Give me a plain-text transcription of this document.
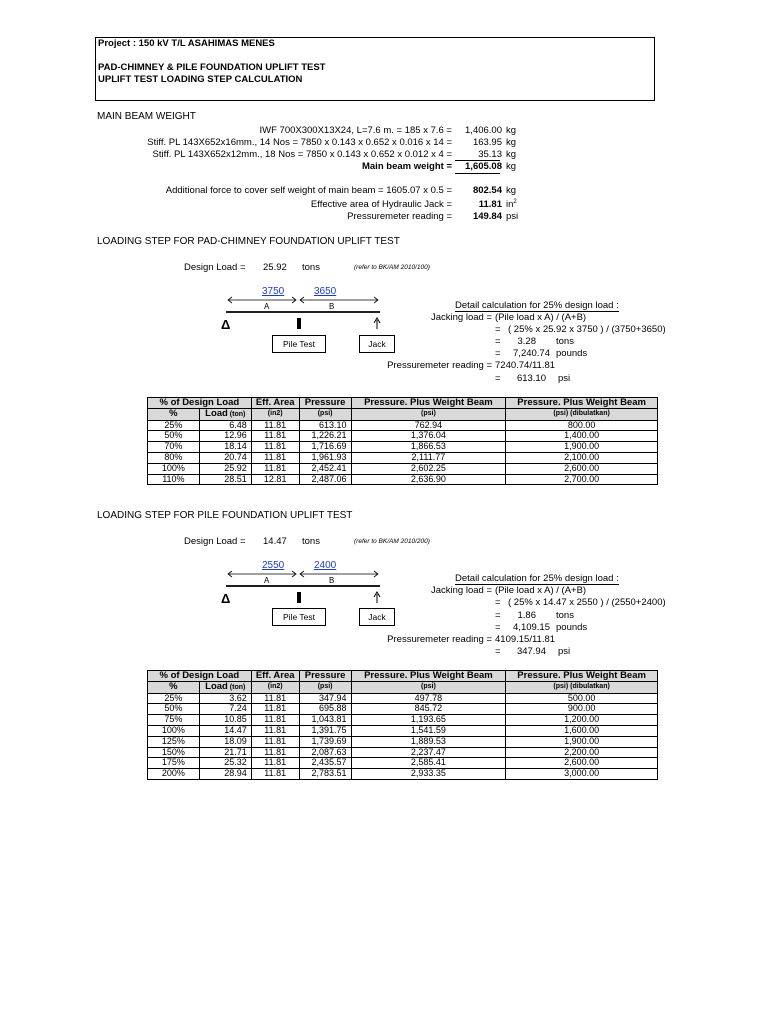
Project : 150 kV T/L ASAHIMAS MENES
PAD-CHIMNEY & PILE FOUNDATION UPLIFT TEST
UPLIFT TEST LOADING STEP CALCULATION
MAIN BEAM WEIGHT
IWF 700X300X13X24, L=7.6 m. = 185 x 7.6 = 1,406.00 kg
Stiff. PL 143X652x16mm., 14 Nos = 7850 x 0.143 x 0.652 x 0.016 x 14 = 163.95 kg
Stiff. PL 143X652x12mm., 18 Nos = 7850 x 0.143 x 0.652 x 0.012 x 4 =	35.13 kg
Main beam weight = 1,605.08 kg
Additional force to cover self weight of main beam = 1605.07 x 0.5 = 802.54 kg
Effective area of Hydraulic Jack =	11.81 $in^2$
Pressuremeter reading = 149.84 psi
LOADING STEP FOR PAD-CHIMNEY FOUNDATION UPLIFT TEST
Design Load = 25.92 tons	(refer to BK/AM 2010/100)
3750	3650
A	B
Δ
Pile Test	Jack
Detail calculation for 25% design load :
Jacking load = (Pile load x A) / (A+B)
= ( 25% x 25.92 x 3750 ) / (3750+3650)
= 3.28 tons
= 7,240.74 pounds
Pressuremeter reading = 7240.74/11.81
= 613.10 psi
% of Design Load		Eff. Area	Pressure	Pressure. Plus Weight Beam	Pressure. Plus Weight Beam
%	Load (ton)	(in2)	(psi)	(psi)	(psi) (dibulatkan)
25%	6.48	11.81	613.10	762.94	800.00
50%	12.96	11.81	1,226.21	1,376.04	1,400.00
70%	18.14	11.81	1,716.69	1,866.53	1,900.00
80%	20.74	11.81	1,961.93	2,111.77	2,100.00
100%	25.92	11.81	2,452.41	2,602.25	2,600.00
110%	28.51	12.81	2,487.06	2,636.90	2,700.00
LOADING STEP FOR PILE FOUNDATION UPLIFT TEST
Design Load = 14.47 tons	(refer to BK/AM 2010/200)
2550	2400
A	B
Δ
Pile Test	Jack
Detail calculation for 25% design load :
Jacking load = (Pile load x A) / (A+B)
= ( 25% x 14.47 x 2550 ) / (2550+2400)
= 1.86 tons
= 4,109.15 pounds
Pressuremeter reading = 4109.15/11.81
= 347.94 psi
% of Design Load		Eff. Area	Pressure	Pressure. Plus Weight Beam	Pressure. Plus Weight Beam
%	Load (ton)	(in2)	(psi)	(psi)	(psi) (dibulatkan)
25%	3.62	11.81	347.94	497.78	500.00
50%	7.24	11.81	695.88	845.72	900.00
75%	10.85	11.81	1,043.81	1,193.65	1,200.00
100%	14.47	11.81	1,391.75	1,541.59	1,600.00
125%	18.09	11.81	1,739.69	1,889.53	1,900.00
150%	21.71	11.81	2,087.63	2,237.47	2,200.00
175%	25.32	11.81	2,435.57	2,585.41	2,600.00
200%	28.94	11.81	2,783.51	2,933.35	3,000.00
